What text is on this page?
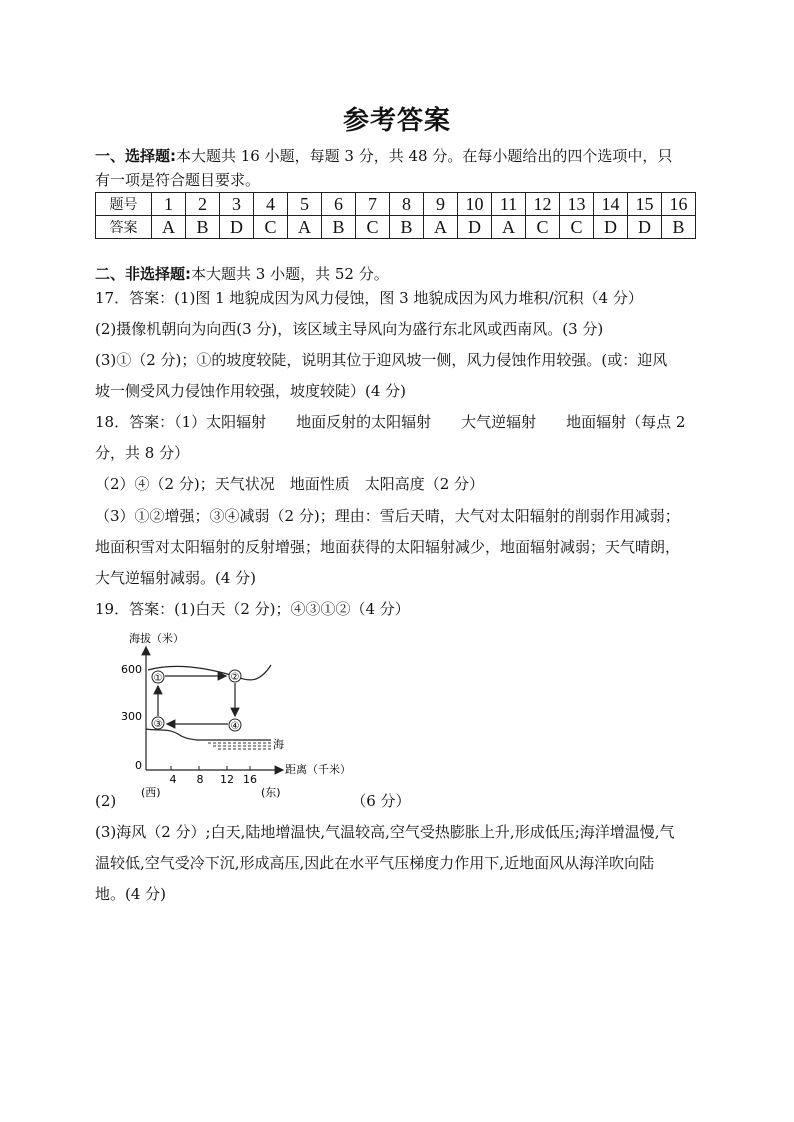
参考答案
一、选择题:本大题共 16 小题，每题 3 分，共 48 分。在每小题给出的四个选项中，只
有一项是符合题目要求。
题号	1	2	3	4	5	6	7	8	9	10	11	12	13	14	15	16
答案	A	B	D	C	A	B	C	B	A	D	A	C	C	D	D	B
二、非选择题:本大题共 3 小题，共 52 分。
17．答案：(1)图 1 地貌成因为风力侵蚀，图 3 地貌成因为风力堆积/沉积（4 分）
(2)摄像机朝向为向西(3 分)，该区域主导风向为盛行东北风或西南风。(3 分)
(3)①（2 分)；①的坡度较陡，说明其位于迎风坡一侧，风力侵蚀作用较强。(或：迎风
坡一侧受风力侵蚀作用较强，坡度较陡）(4 分)
18．答案：（1）太阳辐射　　地面反射的太阳辐射　　大气逆辐射　　地面辐射（每点 2
分，共 8 分）
（2）④（2 分)；天气状况　地面性质　太阳高度（2 分）
（3）①②增强；③④减弱（2 分)；理由：雪后天晴，大气对太阳辐射的削弱作用减弱；
地面积雪对太阳辐射的反射增强；地面获得的太阳辐射减少，地面辐射减弱；天气晴朗，
大气逆辐射减弱。(4 分)
19．答案：(1)白天（2 分)；④③①②（4 分）
海拔（米）
600
300
0
4 8 12 16
距离（千米）
(西)	(东)
海
①	②
③	④
(2)	（6 分）
(3)海风（2 分）;白天,陆地增温快,气温较高,空气受热膨胀上升,形成低压;海洋增温慢,气
温较低,空气受冷下沉,形成高压,因此在水平气压梯度力作用下,近地面风从海洋吹向陆
地。(4 分)
